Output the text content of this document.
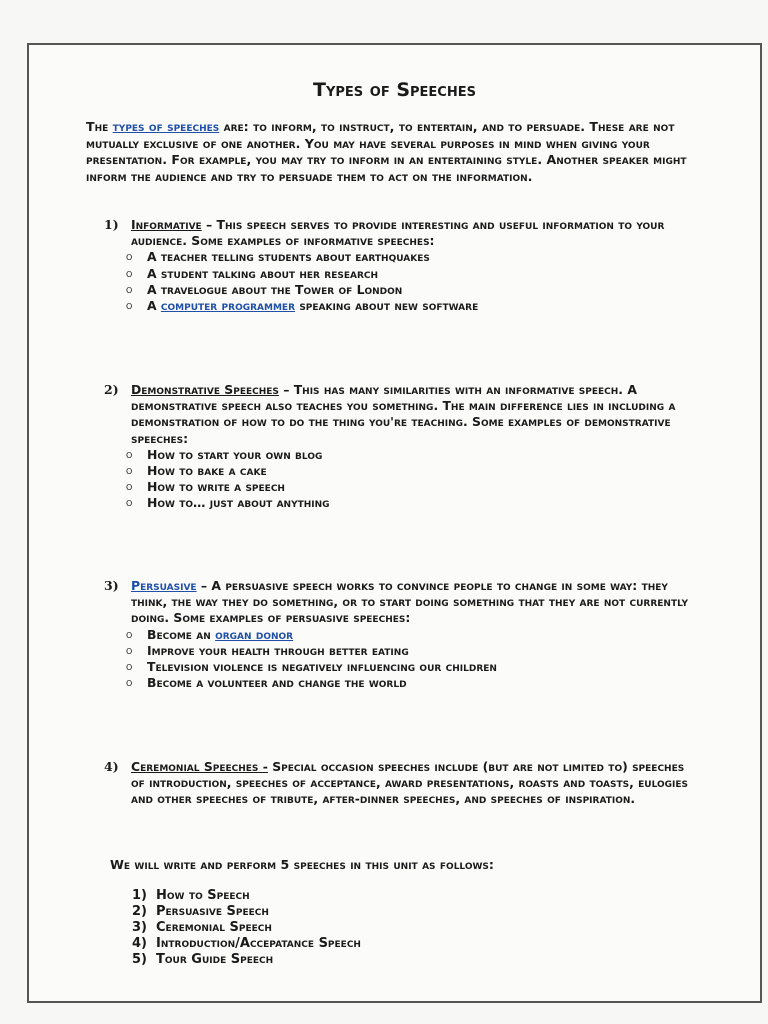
Types of Speeches
The types of speeches are: to inform, to instruct, to entertain, and to persuade. These are not mutually exclusive of one another. You may have several purposes in mind when giving your presentation. For example, you may try to inform in an entertaining style. Another speaker might inform the audience and try to persuade them to act on the information.
1) Informative – This speech serves to provide interesting and useful information to your audience. Some examples of informative speeches:
o A teacher telling students about earthquakes
o A student talking about her research
o A travelogue about the Tower of London
o A computer programmer speaking about new software
2) Demonstrative Speeches – This has many similarities with an informative speech. A demonstrative speech also teaches you something. The main difference lies in including a demonstration of how to do the thing you're teaching. Some examples of demonstrative speeches:
o How to start your own blog
o How to bake a cake
o How to write a speech
o How to… just about anything
3) Persuasive – A persuasive speech works to convince people to change in some way: they think, the way they do something, or to start doing something that they are not currently doing. Some examples of persuasive speeches:
o Become an organ donor
o Improve your health through better eating
o Television violence is negatively influencing our children
o Become a volunteer and change the world
4) Ceremonial Speeches - Special occasion speeches include (but are not limited to) speeches of introduction, speeches of acceptance, award presentations, roasts and toasts, eulogies and other speeches of tribute, after-dinner speeches, and speeches of inspiration.
We will write and perform 5 speeches in this unit as follows:
1) How to Speech
2) Persuasive Speech
3) Ceremonial Speech
4) Introduction/Accepatance Speech
5) Tour Guide Speech
